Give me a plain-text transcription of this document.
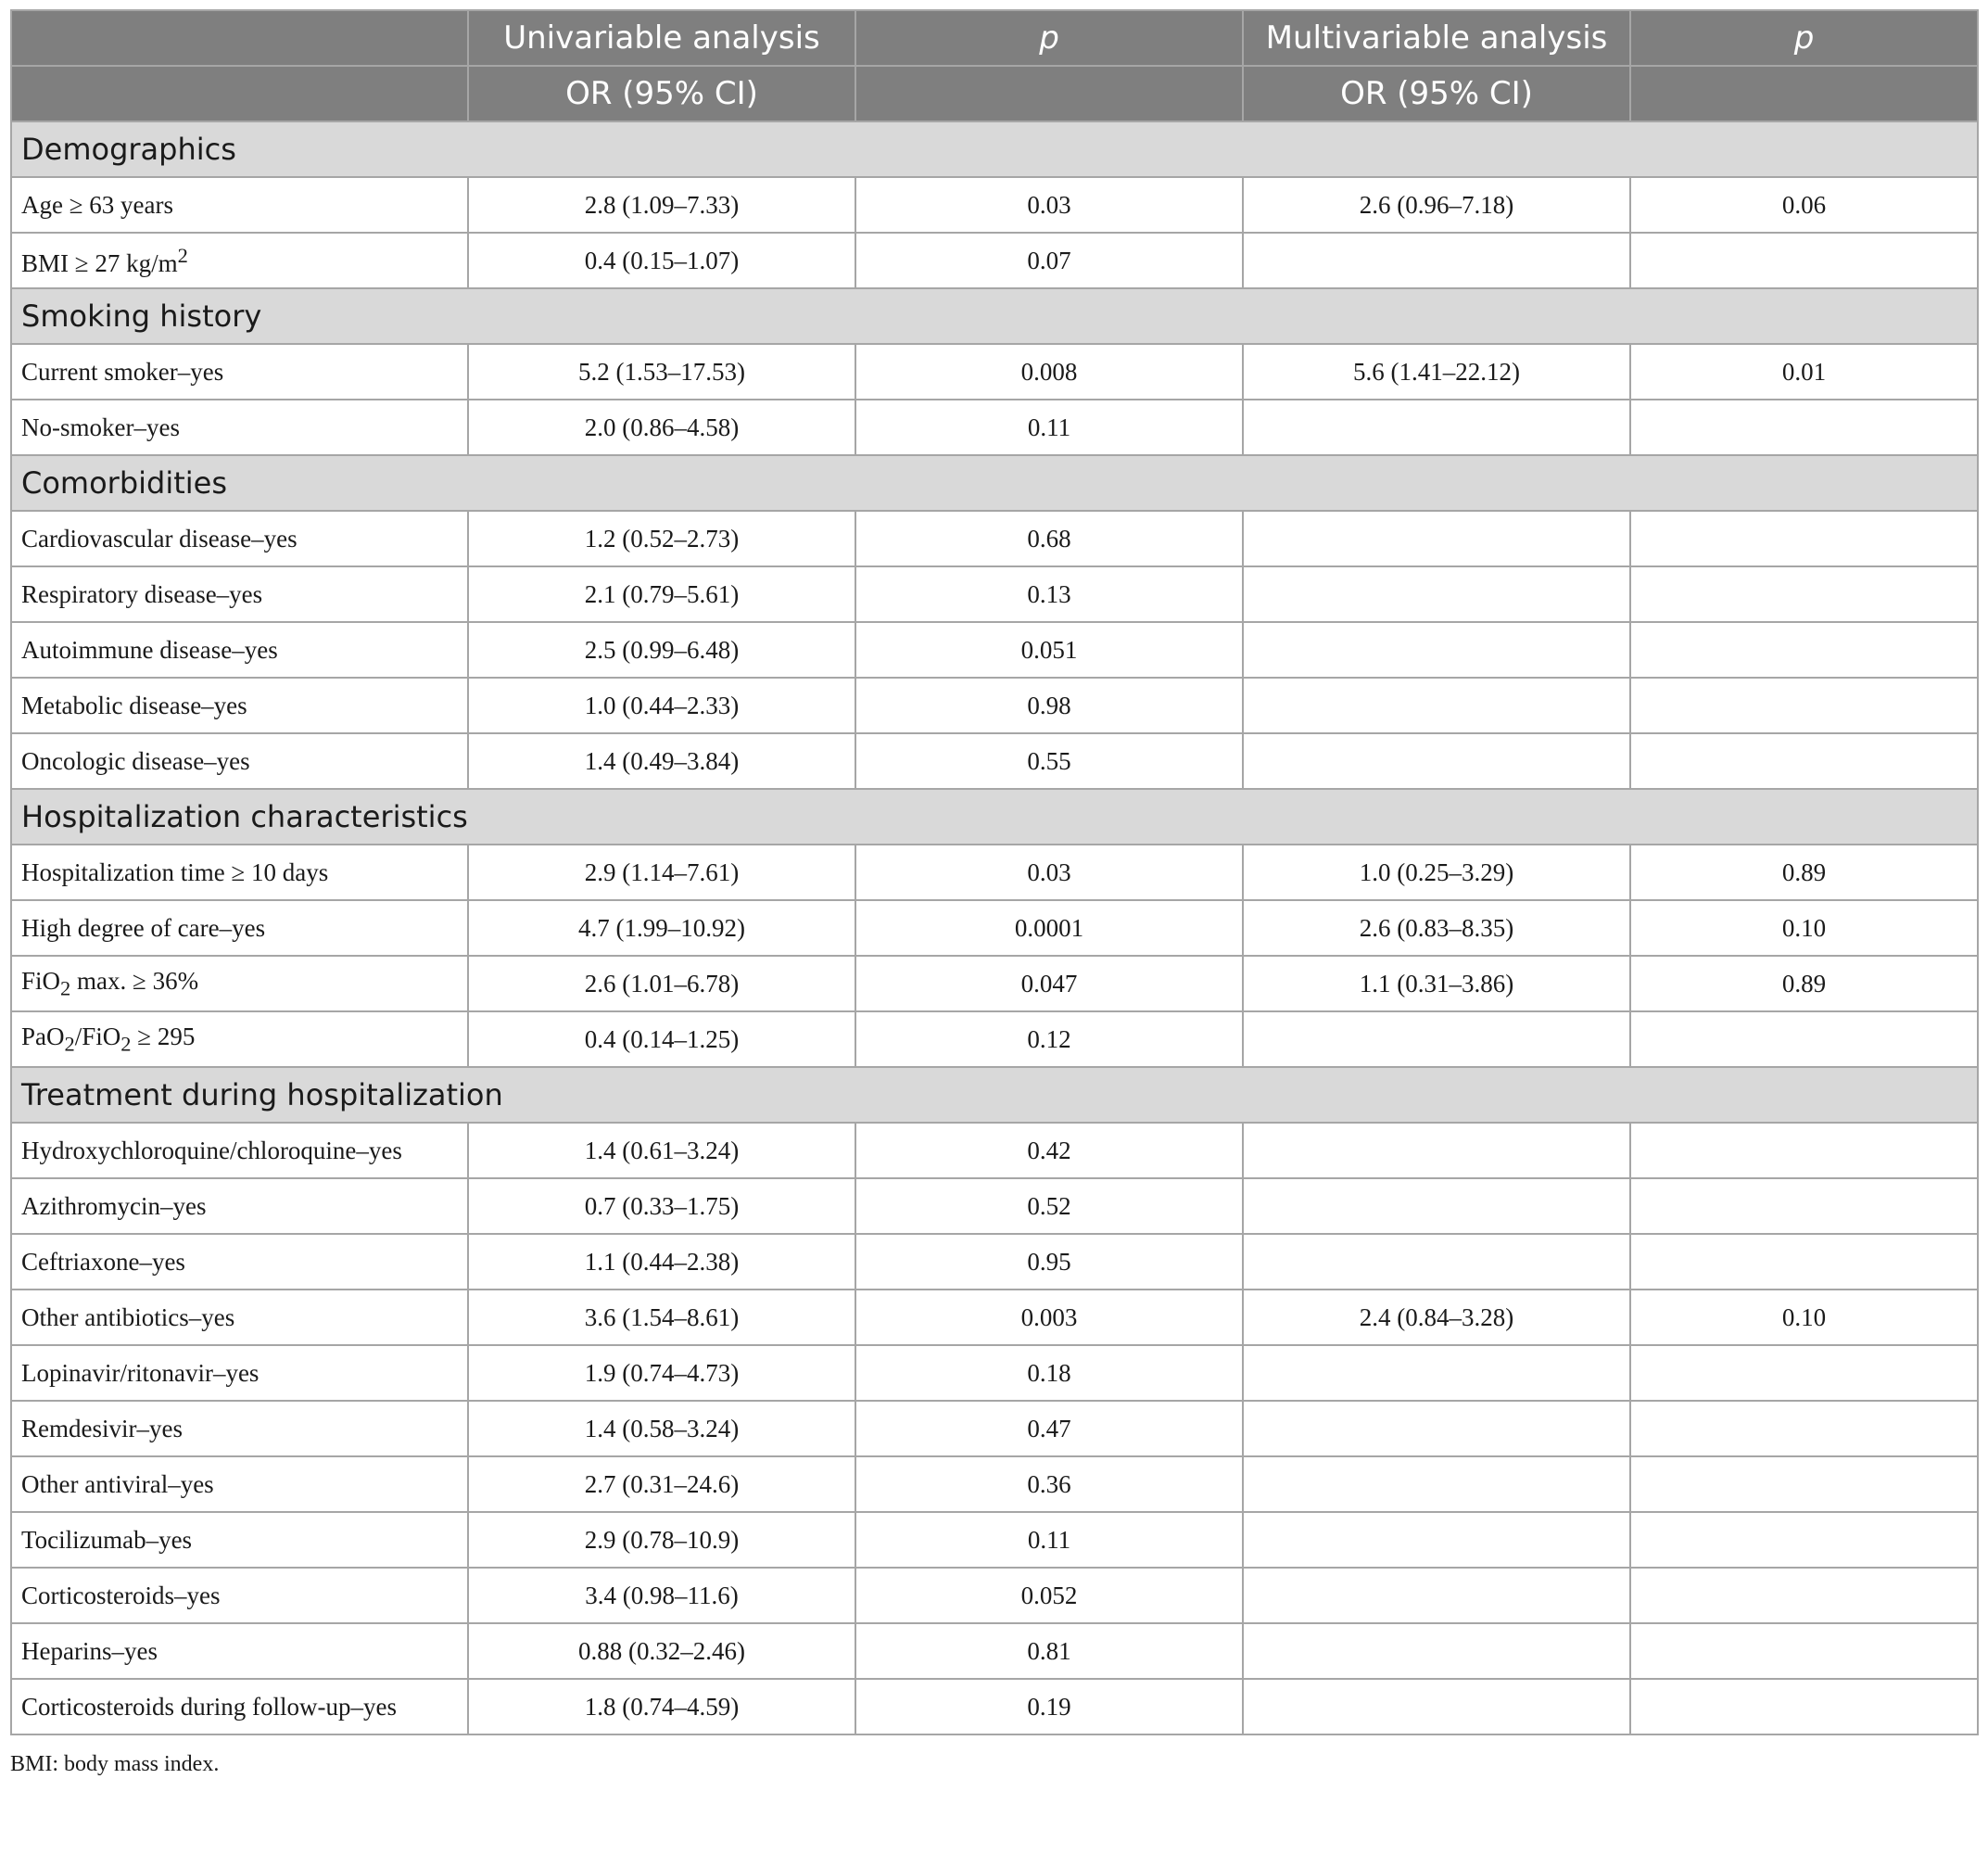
	Univariable analysis	p	Multivariable analysis	p
	OR (95% CI)		OR (95% CI)	
Demographics				
Age ≥ 63 years	2.8 (1.09–7.33)	0.03	2.6 (0.96–7.18)	0.06
BMI ≥ 27 $kg/m^2$	0.4 (0.15–1.07)	0.07		
Smoking history				
Current smoker–yes	5.2 (1.53–17.53)	0.008	5.6 (1.41–22.12)	0.01
No-smoker–yes	2.0 (0.86–4.58)	0.11		
Comorbidities				
Cardiovascular disease–yes	1.2 (0.52–2.73)	0.68		
Respiratory disease–yes	2.1 (0.79–5.61)	0.13		
Autoimmune disease–yes	2.5 (0.99–6.48)	0.051		
Metabolic disease–yes	1.0 (0.44–2.33)	0.98		
Oncologic disease–yes	1.4 (0.49–3.84)	0.55		
Hospitalization characteristics				
Hospitalization time ≥ 10 days	2.9 (1.14–7.61)	0.03	1.0 (0.25–3.29)	0.89
High degree of care–yes	4.7 (1.99–10.92)	0.0001	2.6 (0.83–8.35)	0.10
FiO$_2$ max. ≥ 36%	2.6 (1.01–6.78)	0.047	1.1 (0.31–3.86)	0.89
PaO$_2$/FiO$_2$ ≥ 295	0.4 (0.14–1.25)	0.12		
Treatment during hospitalization				
Hydroxychloroquine/chloroquine–yes	1.4 (0.61–3.24)	0.42		
Azithromycin–yes	0.7 (0.33–1.75)	0.52		
Ceftriaxone–yes	1.1 (0.44–2.38)	0.95		
Other antibiotics–yes	3.6 (1.54–8.61)	0.003	2.4 (0.84–3.28)	0.10
Lopinavir/ritonavir–yes	1.9 (0.74–4.73)	0.18		
Remdesivir–yes	1.4 (0.58–3.24)	0.47		
Other antiviral–yes	2.7 (0.31–24.6)	0.36		
Tocilizumab–yes	2.9 (0.78–10.9)	0.11		
Corticosteroids–yes	3.4 (0.98–11.6)	0.052		
Heparins–yes	0.88 (0.32–2.46)	0.81		
Corticosteroids during follow-up–yes	1.8 (0.74–4.59)	0.19		
BMI: body mass index.
